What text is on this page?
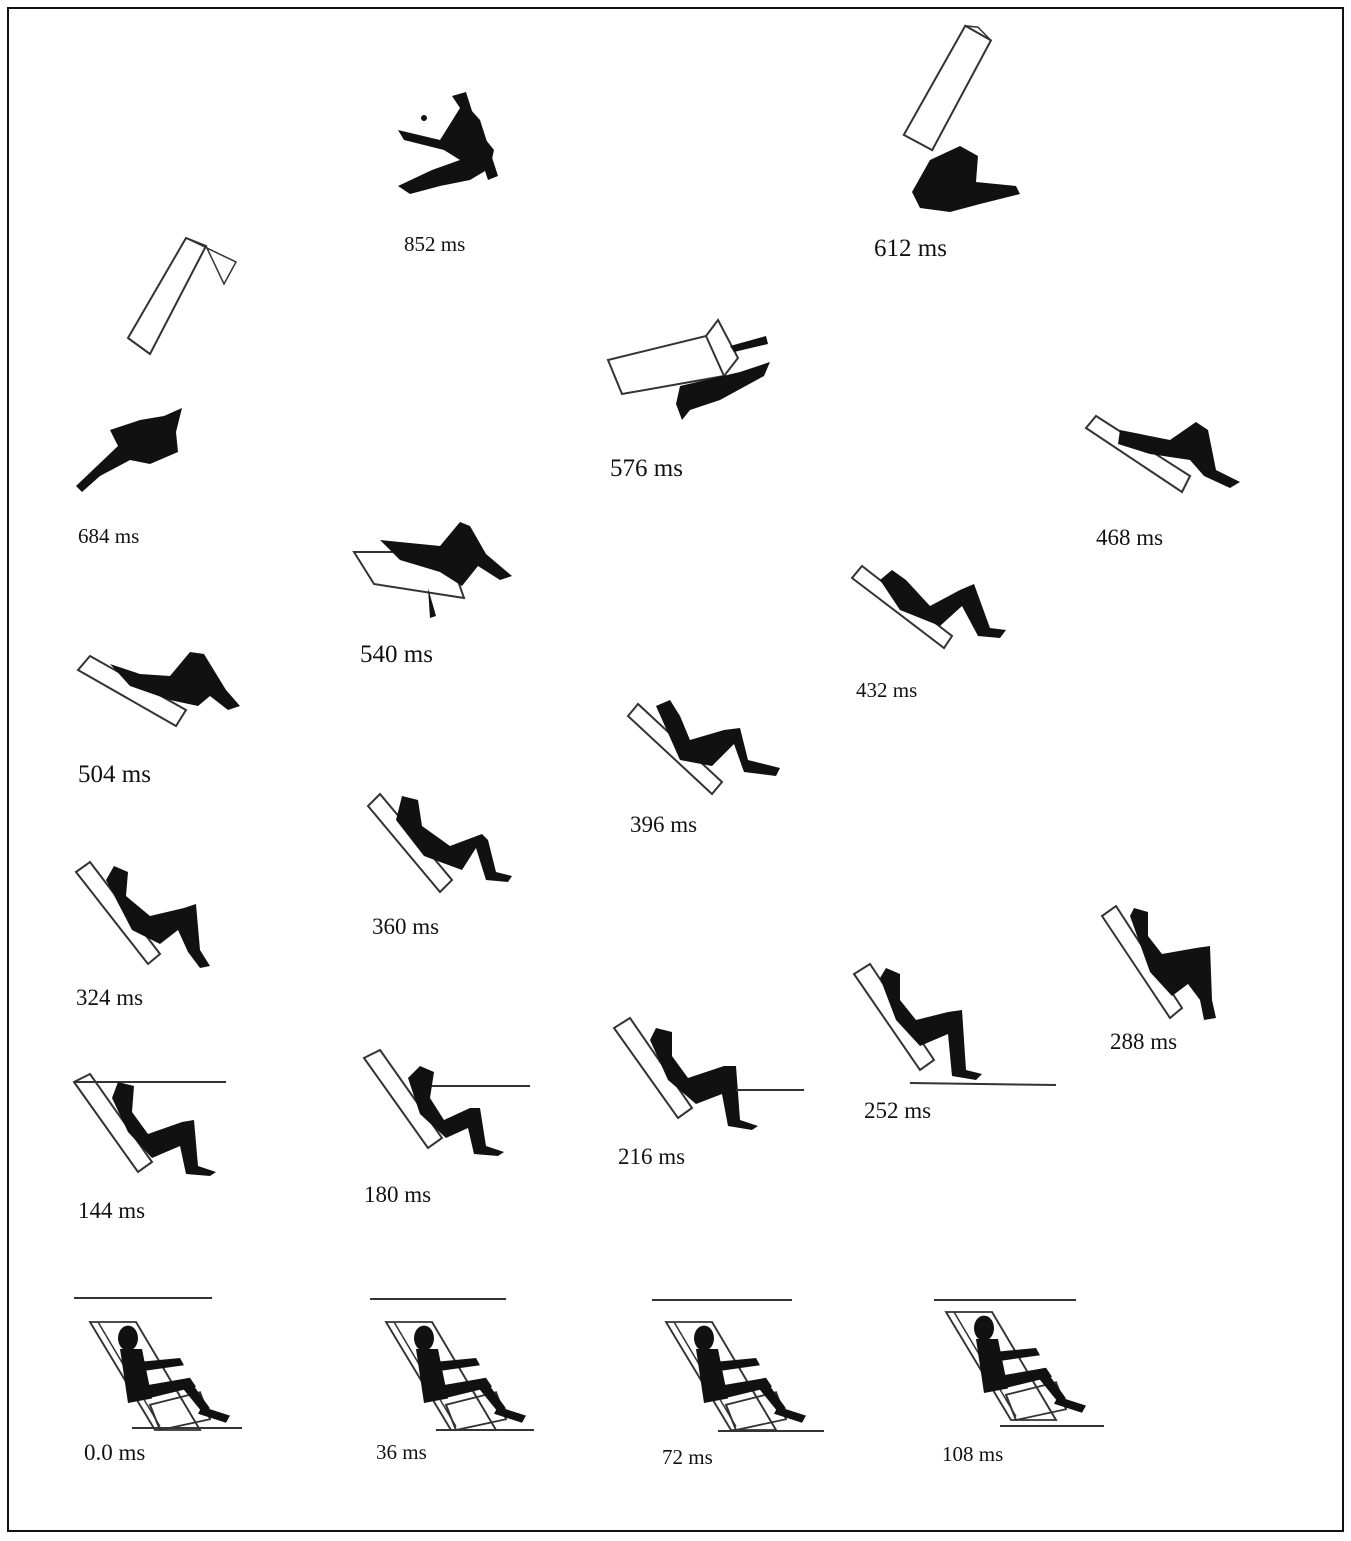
852 ms	612 ms
684 ms
576 ms
468 ms
540 ms
432 ms
504 ms
396 ms
360 ms
324 ms
288 ms
252 ms
216 ms
144 ms
180 ms
0.0 ms	36 ms	72 ms	108 ms
